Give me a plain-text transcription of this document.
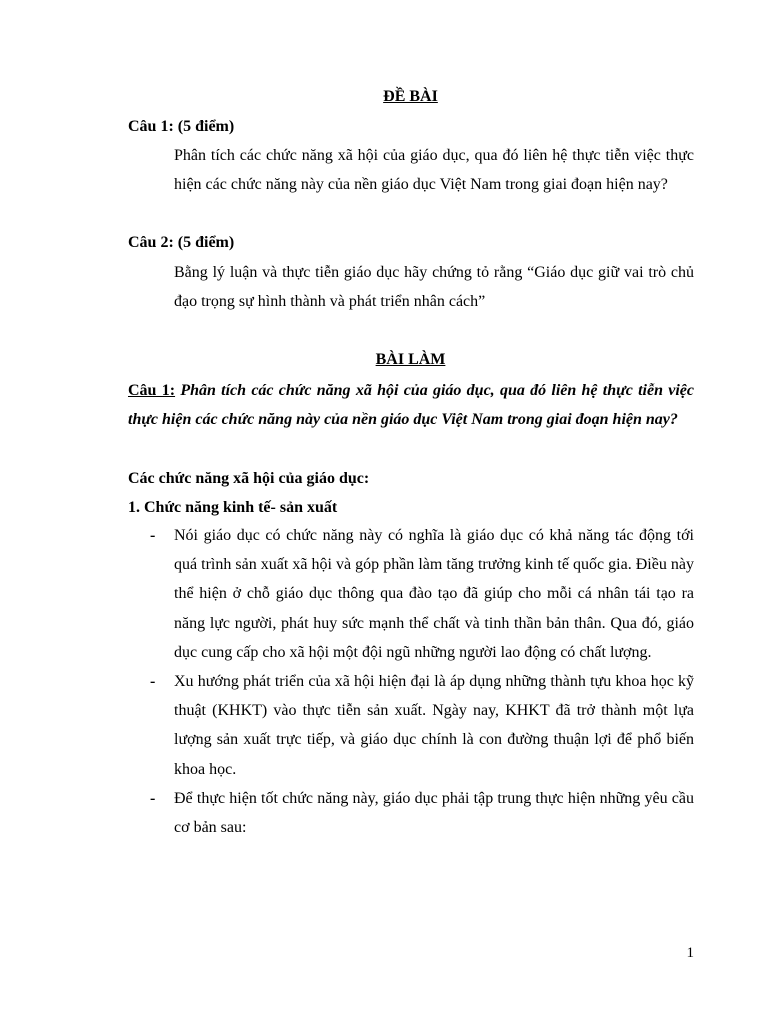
ĐỀ BÀI
Câu 1: (5 điểm)
Phân tích các chức năng xã hội của giáo dục, qua đó liên hệ thực tiễn việc thực hiện các chức năng này của nền giáo dục Việt Nam trong giai đoạn hiện nay?
Câu 2: (5 điểm)
Bằng lý luận và thực tiễn giáo dục hãy chứng tỏ rằng “Giáo dục giữ vai trò chủ đạo trọng sự hình thành và phát triển nhân cách”
BÀI LÀM
Câu 1: Phân tích các chức năng xã hội của giáo dục, qua đó liên hệ thực tiễn việc thực hiện các chức năng này của nền giáo dục Việt Nam trong giai đoạn hiện nay?
Các chức năng xã hội của giáo dục:
1. Chức năng kinh tế- sản xuất
-	Nói giáo dục có chức năng này có nghĩa là giáo dục có khả năng tác động tới quá trình sản xuất xã hội và góp phần làm tăng trưởng kinh tế quốc gia. Điều này thể hiện ở chỗ giáo dục thông qua đào tạo đã giúp cho mỗi cá nhân tái tạo ra năng lực người, phát huy sức mạnh thể chất và tinh thần bản thân. Qua đó, giáo dục cung cấp cho xã hội một đội ngũ những người lao động có chất lượng.
-	Xu hướng phát triển của xã hội hiện đại là áp dụng những thành tựu khoa học kỹ thuật (KHKT) vào thực tiễn sản xuất. Ngày nay, KHKT đã trở thành một lựa lượng sản xuất trực tiếp, và giáo dục chính là con đường thuận lợi để phổ biến khoa học.
-	Để thực hiện tốt chức năng này, giáo dục phải tập trung thực hiện những yêu cầu cơ bản sau:
1
